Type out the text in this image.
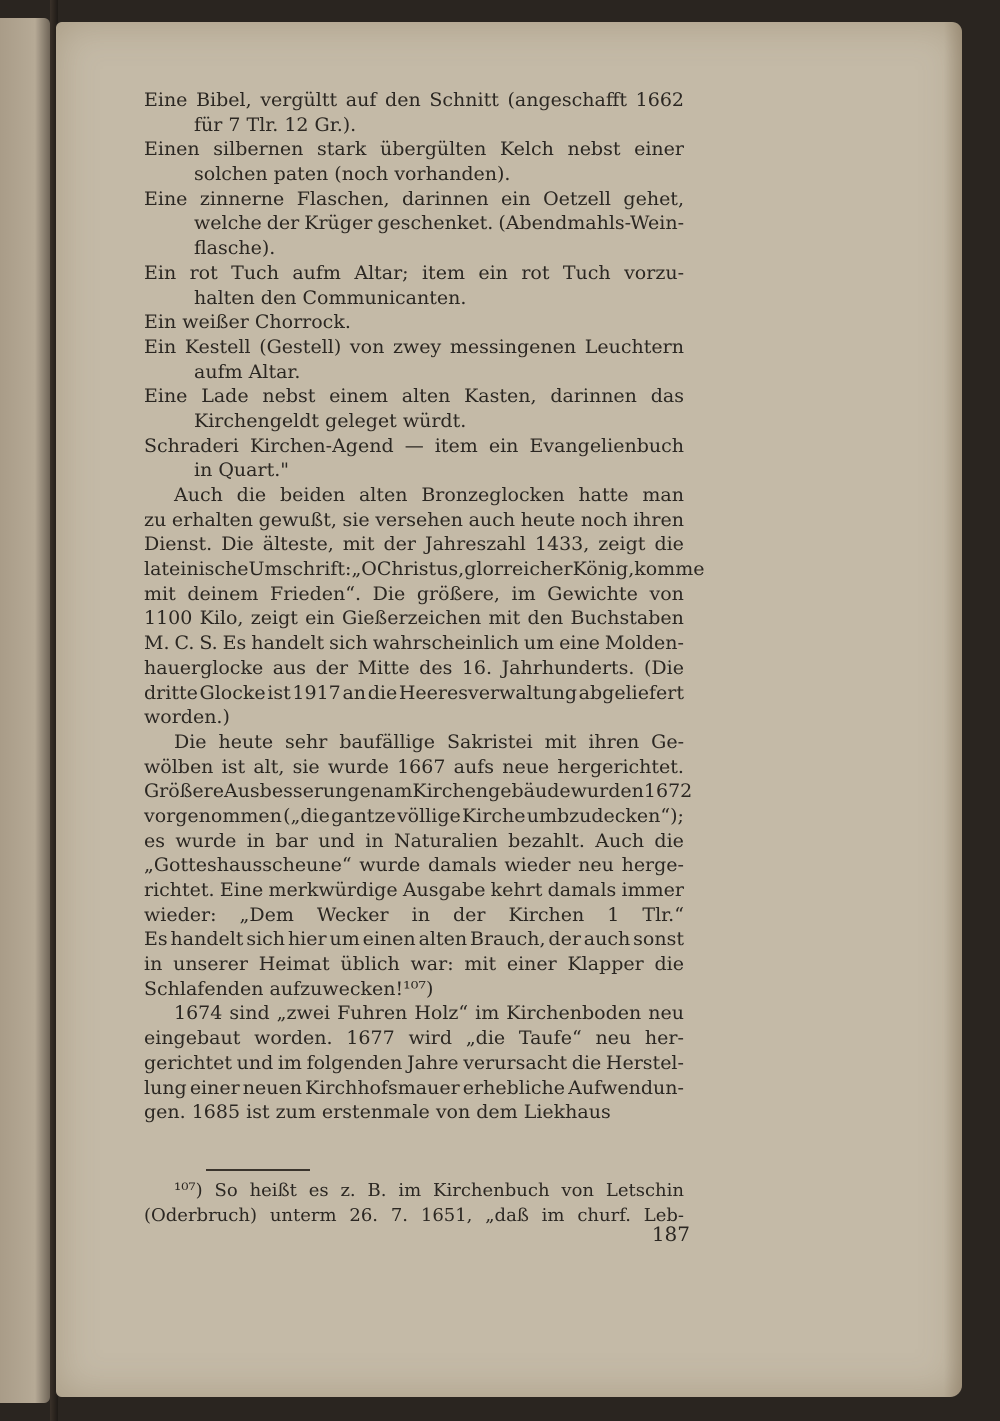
Eine Bibel, vergültt auf den Schnitt (angeschafft 1662
für 7 Tlr. 12 Gr.).
Einen silbernen stark übergülten Kelch nebst einer
solchen paten (noch vorhanden).
Eine zinnerne Flaschen, darinnen ein Oetzell gehet,
welche der Krüger geschenket. (Abendmahls-Wein-
flasche).
Ein rot Tuch aufm Altar; item ein rot Tuch vorzu-
halten den Communicanten.
Ein weißer Chorrock.
Ein Kestell (Gestell) von zwey messingenen Leuchtern
aufm Altar.
Eine Lade nebst einem alten Kasten, darinnen das
Kirchengeldt geleget würdt.
Schraderi Kirchen-Agend — item ein Evangelienbuch
in Quart."
Auch die beiden alten Bronzeglocken hatte man
zu erhalten gewußt, sie versehen auch heute noch ihren
Dienst. Die älteste, mit der Jahreszahl 1433, zeigt die
lateinische Umschrift: „O Christus, glorreicher König, komme
mit deinem Frieden“. Die größere, im Gewichte von
1100 Kilo, zeigt ein Gießerzeichen mit den Buchstaben
M. C. S. Es handelt sich wahrscheinlich um eine Molden-
hauerglocke aus der Mitte des 16. Jahrhunderts. (Die
dritte Glocke ist 1917 an die Heeresverwaltung abgeliefert
worden.)
Die heute sehr baufällige Sakristei mit ihren Ge-
wölben ist alt, sie wurde 1667 aufs neue hergerichtet.
Größere Ausbesserungen am Kirchengebäude wurden 1672
vorgenommen („die gantze völlige Kirche umbzudecken“);
es wurde in bar und in Naturalien bezahlt. Auch die
„Gotteshausscheune“ wurde damals wieder neu herge-
richtet. Eine merkwürdige Ausgabe kehrt damals immer
wieder: „Dem Wecker in der Kirchen 1 Tlr.“
Es handelt sich hier um einen alten Brauch, der auch sonst
in unserer Heimat üblich war: mit einer Klapper die
Schlafenden aufzuwecken!¹⁰⁷)
1674 sind „zwei Fuhren Holz“ im Kirchenboden neu
eingebaut worden. 1677 wird „die Taufe“ neu her-
gerichtet und im folgenden Jahre verursacht die Herstel-
lung einer neuen Kirchhofsmauer erhebliche Aufwendun-
gen. 1685 ist zum erstenmale von dem Liekhaus
¹⁰⁷) So heißt es z. B. im Kirchenbuch von Letschin
(Oderbruch) unterm 26. 7. 1651, „daß im churf. Leb-
187
